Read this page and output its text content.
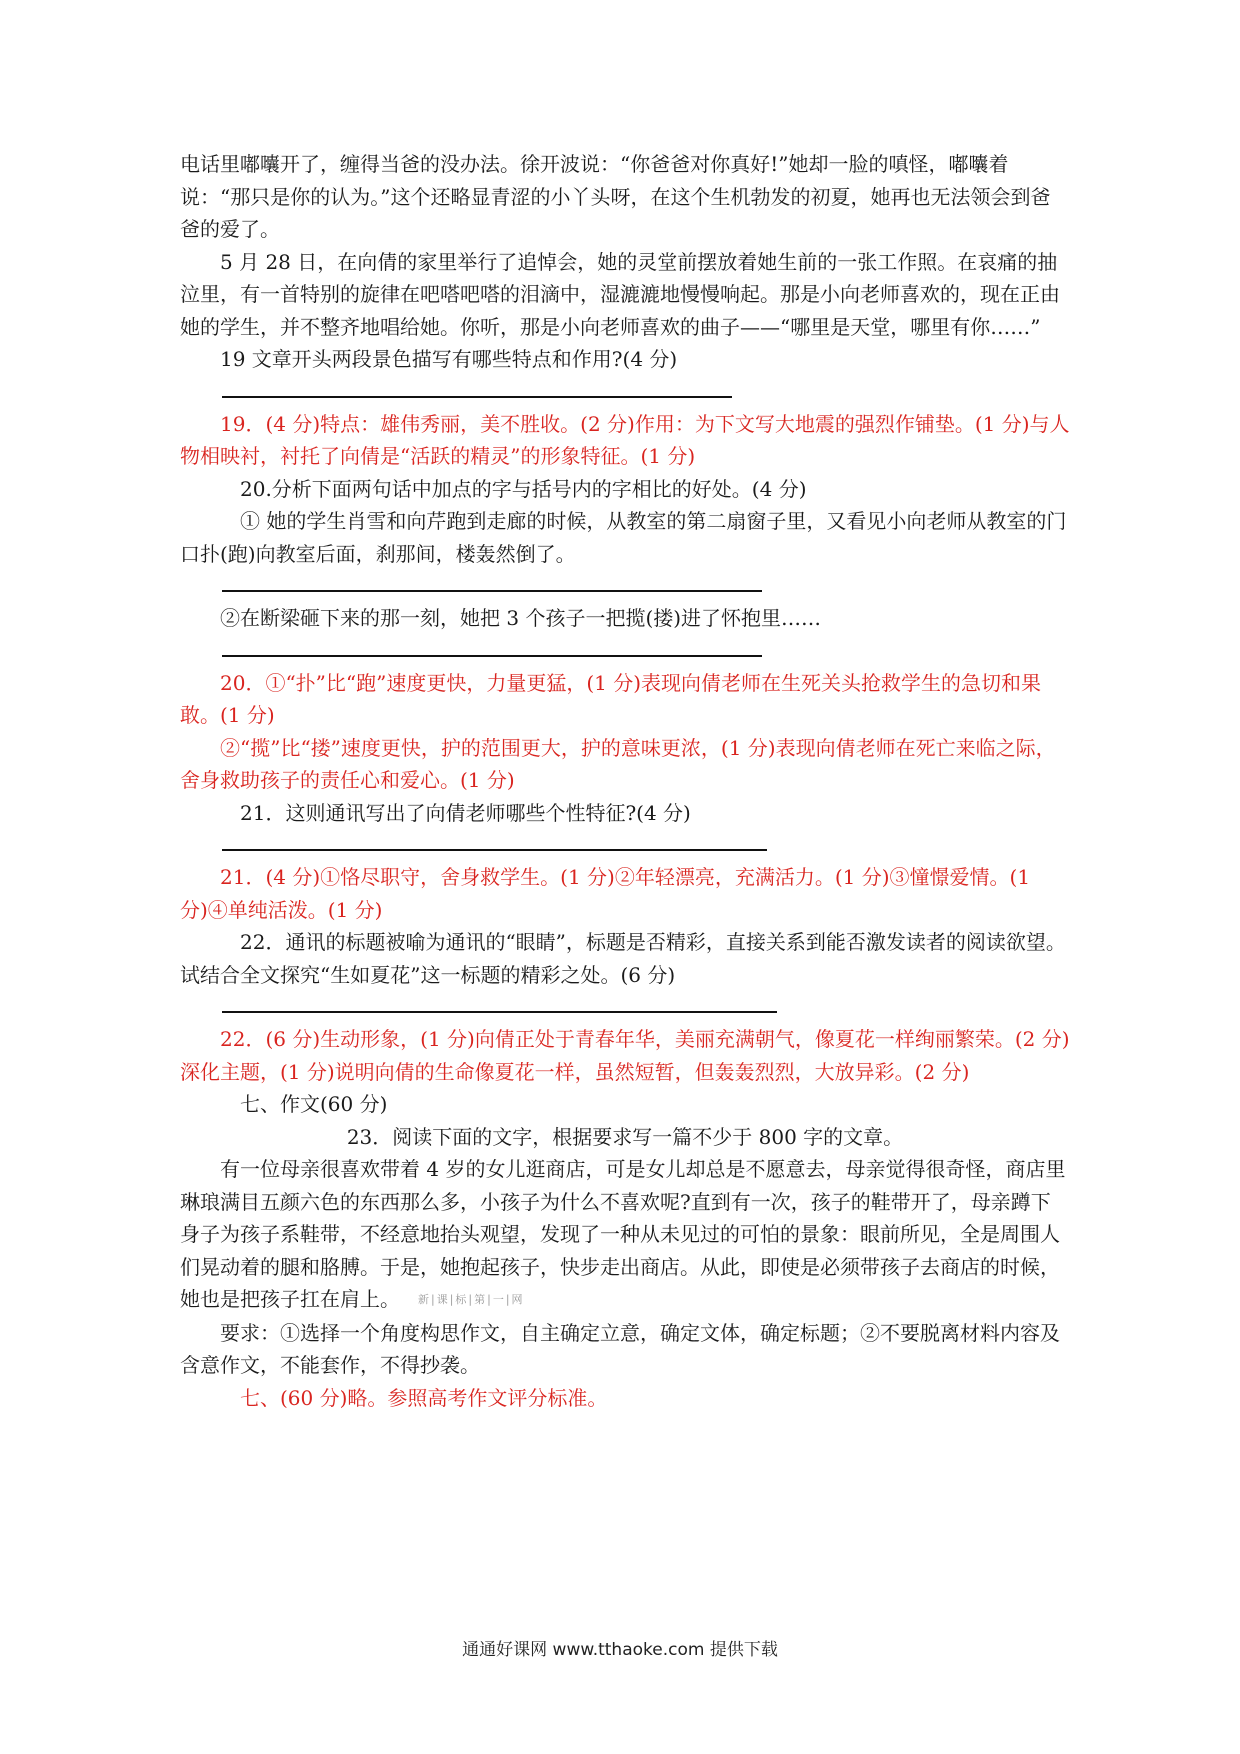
电话里嘟囔开了，缠得当爸的没办法。徐开波说：“你爸爸对你真好!”她却一脸的嗔怪，嘟囔着说：“那只是你的认为。”这个还略显青涩的小丫头呀，在这个生机勃发的初夏，她再也无法领会到爸爸的爱了。

5 月 28 日，在向倩的家里举行了追悼会，她的灵堂前摆放着她生前的一张工作照。在哀痛的抽泣里，有一首特别的旋律在吧嗒吧嗒的泪滴中，湿漉漉地慢慢响起。那是小向老师喜欢的，现在正由她的学生，并不整齐地唱给她。你听，那是小向老师喜欢的曲子——“哪里是天堂，哪里有你……”

19 文章开头两段景色描写有哪些特点和作用?(4 分)

19．(4 分)特点：雄伟秀丽，美不胜收。(2 分)作用：为下文写大地震的强烈作铺垫。(1 分)与人物相映衬，衬托了向倩是“活跃的精灵”的形象特征。(1 分)

20.分析下面两句话中加点的字与括号内的字相比的好处。(4 分)

① 她的学生肖雪和向芹跑到走廊的时候，从教室的第二扇窗子里，又看见小向老师从教室的门口扑(跑)向教室后面，刹那间，楼轰然倒了。

②在断梁砸下来的那一刻，她把 3 个孩子一把揽(搂)进了怀抱里……

20．①“扑”比“跑”速度更快，力量更猛，(1 分)表现向倩老师在生死关头抢救学生的急切和果敢。(1 分)

②“揽”比“搂”速度更快，护的范围更大，护的意味更浓，(1 分)表现向倩老师在死亡来临之际，舍身救助孩子的责任心和爱心。(1 分)

21．这则通讯写出了向倩老师哪些个性特征?(4 分)

21．(4 分)①恪尽职守，舍身救学生。(1 分)②年轻漂亮，充满活力。(1 分)③憧憬爱情。(1 分)④单纯活泼。(1 分)

22．通讯的标题被喻为通讯的“眼睛”，标题是否精彩，直接关系到能否激发读者的阅读欲望。试结合全文探究“生如夏花”这一标题的精彩之处。(6 分)

22．(6 分)生动形象，(1 分)向倩正处于青春年华，美丽充满朝气，像夏花一样绚丽繁荣。(2 分)深化主题，(1 分)说明向倩的生命像夏花一样，虽然短暂，但轰轰烈烈，大放异彩。(2 分)

七、作文(60 分)

23．阅读下面的文字，根据要求写一篇不少于 800 字的文章。

有一位母亲很喜欢带着 4 岁的女儿逛商店，可是女儿却总是不愿意去，母亲觉得很奇怪，商店里琳琅满目五颜六色的东西那么多，小孩子为什么不喜欢呢?直到有一次，孩子的鞋带开了，母亲蹲下身子为孩子系鞋带，不经意地抬头观望，发现了一种从未见过的可怕的景象：眼前所见，全是周围人们晃动着的腿和胳膊。于是，她抱起孩子，快步走出商店。从此，即使是必须带孩子去商店的时候，她也是把孩子扛在肩上。 新|课|标|第|一|网

要求：①选择一个角度构思作文，自主确定立意，确定文体，确定标题；②不要脱离材料内容及含意作文，不能套作，不得抄袭。

七、(60 分)略。参照高考作文评分标准。

通通好课网 www.tthaoke.com 提供下载
